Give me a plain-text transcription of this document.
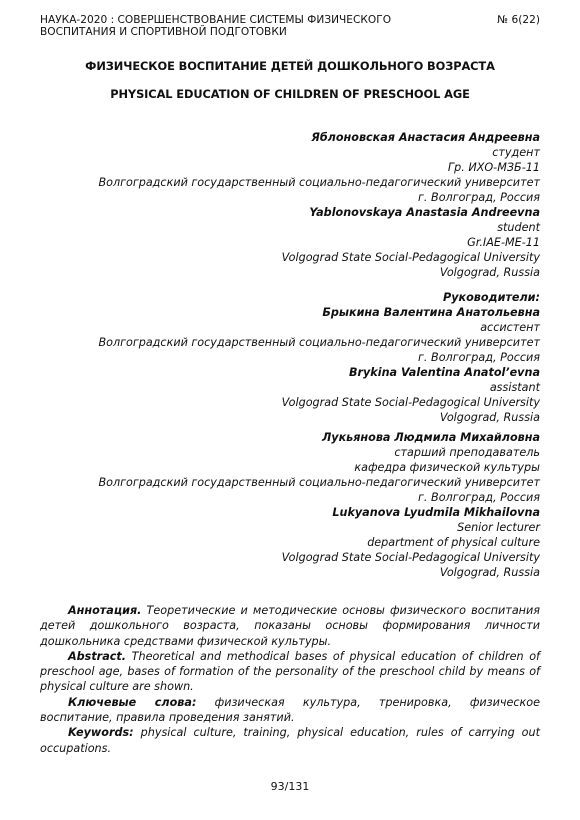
НАУКА-2020 : СОВЕРШЕНСТВОВАНИЕ СИСТЕМЫ ФИЗИЧЕСКОГО
ВОСПИТАНИЯ И СПОРТИВНОЙ ПОДГОТОВКИ
№ 6(22)
ФИЗИЧЕСКОЕ ВОСПИТАНИЕ ДЕТЕЙ ДОШКОЛЬНОГО ВОЗРАСТА
PHYSICAL EDUCATION OF CHILDREN OF PRESCHOOL AGE
Яблоновская Анастасия Андреевна
студент
Гр. ИХО-МЗБ-11
Волгоградский государственный социально-педагогический университет
г. Волгоград, Россия
Yablonovskaya Anastasia Andreevna
student
Gr.IAE-ME-11
Volgograd State Social-Pedagogical University
Volgograd, Russia
Руководители:
Брыкина Валентина Анатольевна
ассистент
Волгоградский государственный социально-педагогический университет
г. Волгоград, Россия
Brykina Valentina Anatol’evna
assistant
Volgograd State Social-Pedagogical University
Volgograd, Russia
Лукьянова Людмила Михайловна
старший преподаватель
кафедра физической культуры
Волгоградский государственный социально-педагогический университет
г. Волгоград, Россия
Lukyanova Lyudmila Mikhailovna
Senior lecturer
department of physical culture
Volgograd State Social-Pedagogical University
Volgograd, Russia

Аннотация. Теоретические и методические основы физического воспитания детей дошкольного возраста, показаны основы формирования личности дошкольника средствами физической культуры.

Abstract. Theoretical and methodical bases of physical education of children of preschool age, bases of formation of the personality of the preschool child by means of physical culture are shown.

Ключевые слова: физическая культура, тренировка, физическое воспитание, правила проведения занятий.

Keywords: physical culture, training, physical education, rules of carrying out occupations.

93/131
